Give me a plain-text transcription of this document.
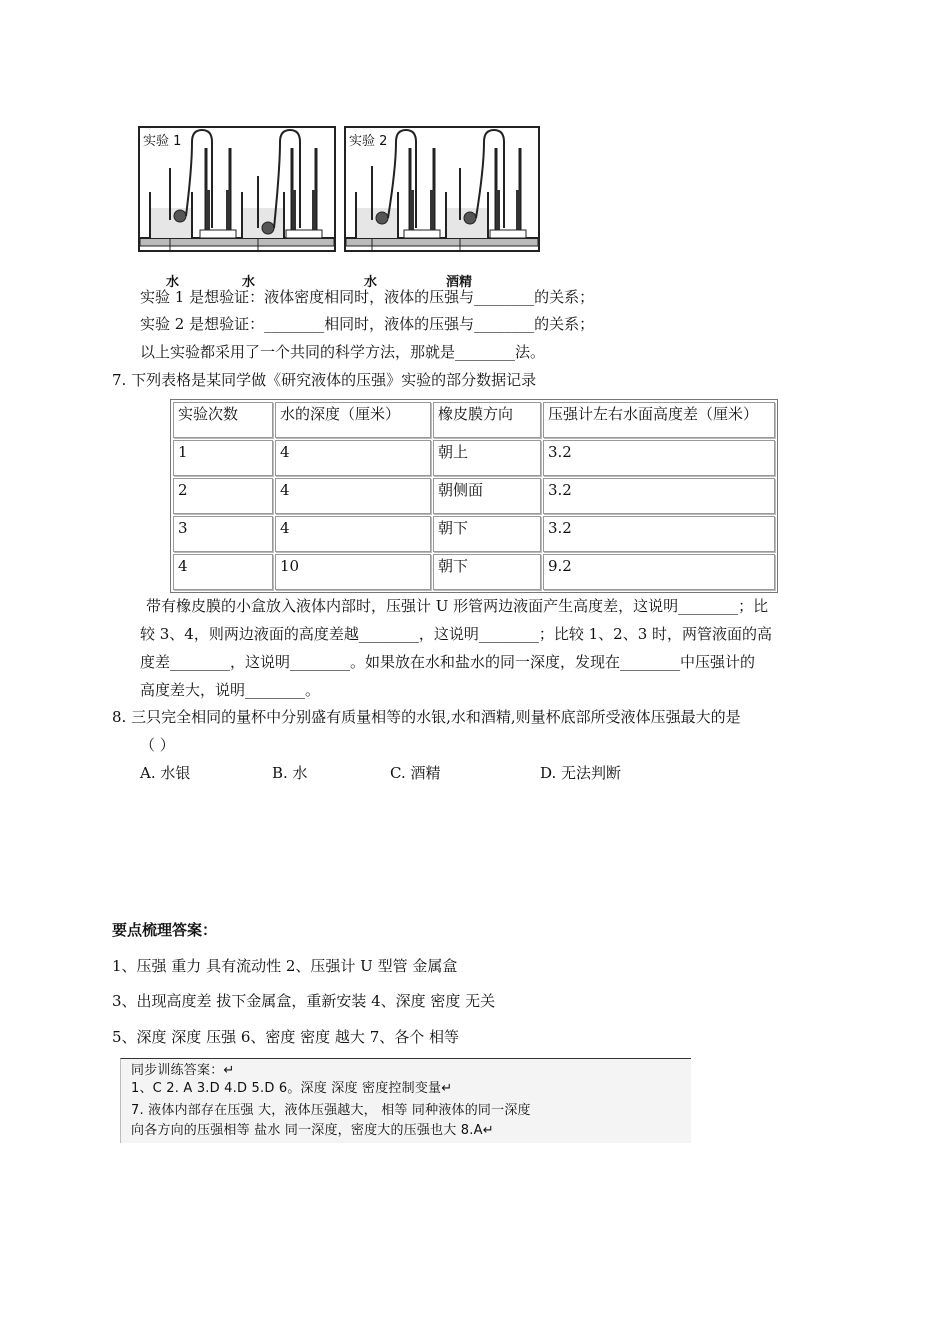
实验 1	实验 2
水	水	水	酒精
实验 1 是想验证：液体密度相同时，液体的压强与________的关系；
实验 2 是想验证：________相同时，液体的压强与________的关系；
以上实验都采用了一个共同的科学方法，那就是________法。
7. 下列表格是某同学做《研究液体的压强》实验的部分数据记录
实验次数	水的深度（厘米）	橡皮膜方向	压强计左右水面高度差（厘米）
1	4	朝上	3.2
2	4	朝侧面	3.2
3	4	朝下	3.2
4	10	朝下	9.2
带有橡皮膜的小盒放入液体内部时，压强计 U 形管两边液面产生高度差，这说明________；比
较 3、4，则两边液面的高度差越________，这说明________；比较 1、2、3 时，两管液面的高
度差________，这说明________。如果放在水和盐水的同一深度，发现在________中压强计的
高度差大，说明________。
8. 三只完全相同的量杯中分别盛有质量相等的水银,水和酒精,则量杯底部所受液体压强最大的是
（ ）
A. 水银	B. 水	C. 酒精	D. 无法判断
要点梳理答案：
1、压强 重力 具有流动性 2、压强计 U 型管 金属盒
3、出现高度差 拔下金属盒，重新安装 4、深度 密度 无关
5、深度 深度 压强 6、密度 密度 越大 7、各个 相等
同步训练答案：↵
1、C 2. A 3.D 4.D 5.D 6。深度 深度 密度控制变量↵
7. 液体内部存在压强 大，液体压强越大， 相等 同种液体的同一深度
向各方向的压强相等 盐水 同一深度，密度大的压强也大 8.A↵
